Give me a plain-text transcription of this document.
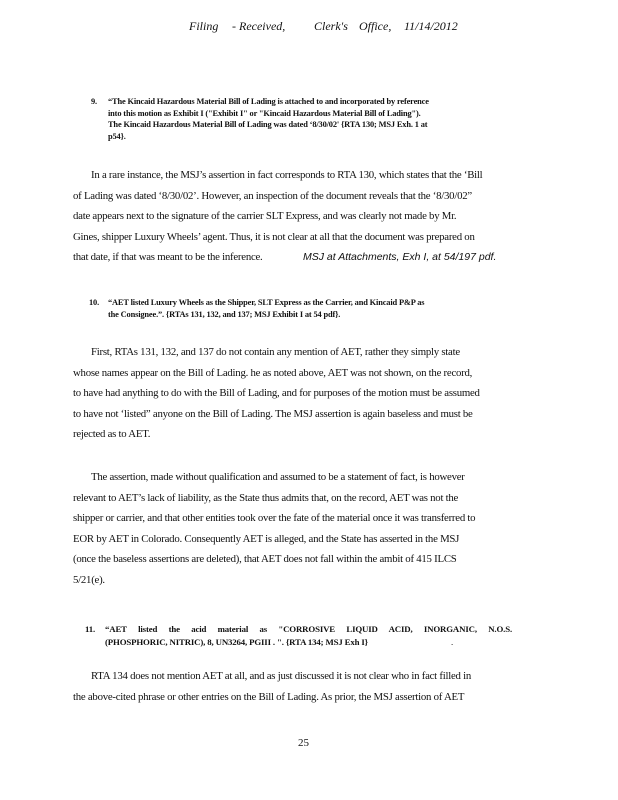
Filing - Received, Clerk's Office, 11/14/2012
9. “The Kincaid Hazardous Material Bill of Lading is attached to and incorporated by reference
into this motion as Exhibit I ("Exhibit I" or "Kincaid Hazardous Material Bill of Lading").
The Kincaid Hazardous Material Bill of Lading was dated ‘8/30/02' {RTA 130; MSJ Exh. 1 at
p54}.
In a rare instance, the MSJ’s assertion in fact corresponds to RTA 130, which states that the ‘Bill
of Lading was dated ‘8/30/02’. However, an inspection of the document reveals that the ‘8/30/02”
date appears next to the signature of the carrier SLT Express, and was clearly not made by Mr.
Gines, shipper Luxury Wheels’ agent. Thus, it is not clear at all that the document was prepared on
that date, if that was meant to be the inference.	MSJ at Attachments, Exh I, at 54/197 pdf.
10. “AET listed Luxury Wheels as the Shipper, SLT Express as the Carrier, and Kincaid P&P as
the Consignee.”. {RTAs 131, 132, and 137; MSJ Exhibit I at 54 pdf}.
First, RTAs 131, 132, and 137 do not contain any mention of AET, rather they simply state
whose names appear on the Bill of Lading. he as noted above, AET was not shown, on the record,
to have had anything to do with the Bill of Lading, and for purposes of the motion must be assumed
to have not ‘listed” anyone on the Bill of Lading. The MSJ assertion is again baseless and must be
rejected as to AET.
The assertion, made without qualification and assumed to be a statement of fact, is however
relevant to AET’s lack of liability, as the State thus admits that, on the record, AET was not the
shipper or carrier, and that other entities took over the fate of the material once it was transferred to
EOR by AET in Colorado. Consequently AET is alleged, and the State has asserted in the MSJ
(once the baseless assertions are deleted), that AET does not fall within the ambit of 415 ILCS
5/21(e).
11. “AET listed the acid material as "CORROSIVE LIQUID ACID, INORGANIC, N.O.S.
(PHOSPHORIC, NITRIC), 8, UN3264, PGIII . ". {RTA 134; MSJ Exh I}	.
RTA 134 does not mention AET at all, and as just discussed it is not clear who in fact filled in
the above-cited phrase or other entries on the Bill of Lading. As prior, the MSJ assertion of AET
25
